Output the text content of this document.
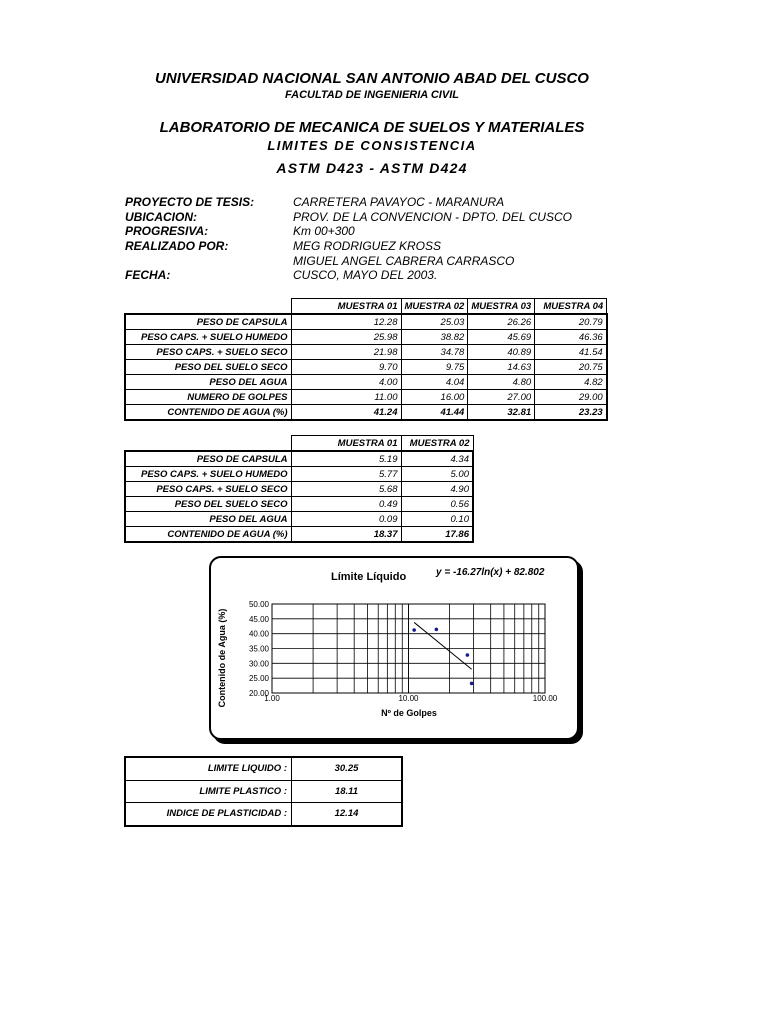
UNIVERSIDAD NACIONAL SAN ANTONIO ABAD DEL CUSCO
FACULTAD DE INGENIERIA CIVIL
LABORATORIO DE MECANICA DE SUELOS Y MATERIALES
LIMITES DE CONSISTENCIA
ASTM D423 - ASTM D424
PROYECTO DE TESIS:	CARRETERA PAVAYOC - MARANURA
UBICACION:	PROV. DE LA CONVENCION - DPTO. DEL CUSCO
PROGRESIVA:	Km 00+300
REALIZADO POR:	MEG RODRIGUEZ KROSS
MIGUEL ANGEL CABRERA CARRASCO
FECHA:	CUSCO, MAYO DEL 2003.
	MUESTRA 01	MUESTRA 02	MUESTRA 03	MUESTRA 04
PESO DE CAPSULA	12.28	25.03	26.26	20.79
PESO CAPS. + SUELO HUMEDO	25.98	38.82	45.69	46.36
PESO CAPS. + SUELO SECO	21.98	34.78	40.89	41.54
PESO DEL SUELO SECO	9.70	9.75	14.63	20.75
PESO DEL AGUA	4.00	4.04	4.80	4.82
NUMERO DE GOLPES	11.00	16.00	27.00	29.00
CONTENIDO DE AGUA (%)	41.24	41.44	32.81	23.23
	MUESTRA 01	MUESTRA 02
PESO DE CAPSULA	5.19	4.34
PESO CAPS. + SUELO HUMEDO	5.77	5.00
PESO CAPS. + SUELO SECO	5.68	4.90
PESO DEL SUELO SECO	0.49	0.56
PESO DEL AGUA	0.09	0.10
CONTENIDO DE AGUA (%)	18.37	17.86
Límite Líquido	y = -16.27ln(x) + 82.802
20.00
25.00
30.00
35.00
40.00
45.00
50.00
1.00	10.00	100.00
Nº de Golpes
Contenido de Agua (%)
LIMITE LIQUIDO :	30.25
LIMITE PLASTICO :	18.11
INDICE DE PLASTICIDAD :	12.14
